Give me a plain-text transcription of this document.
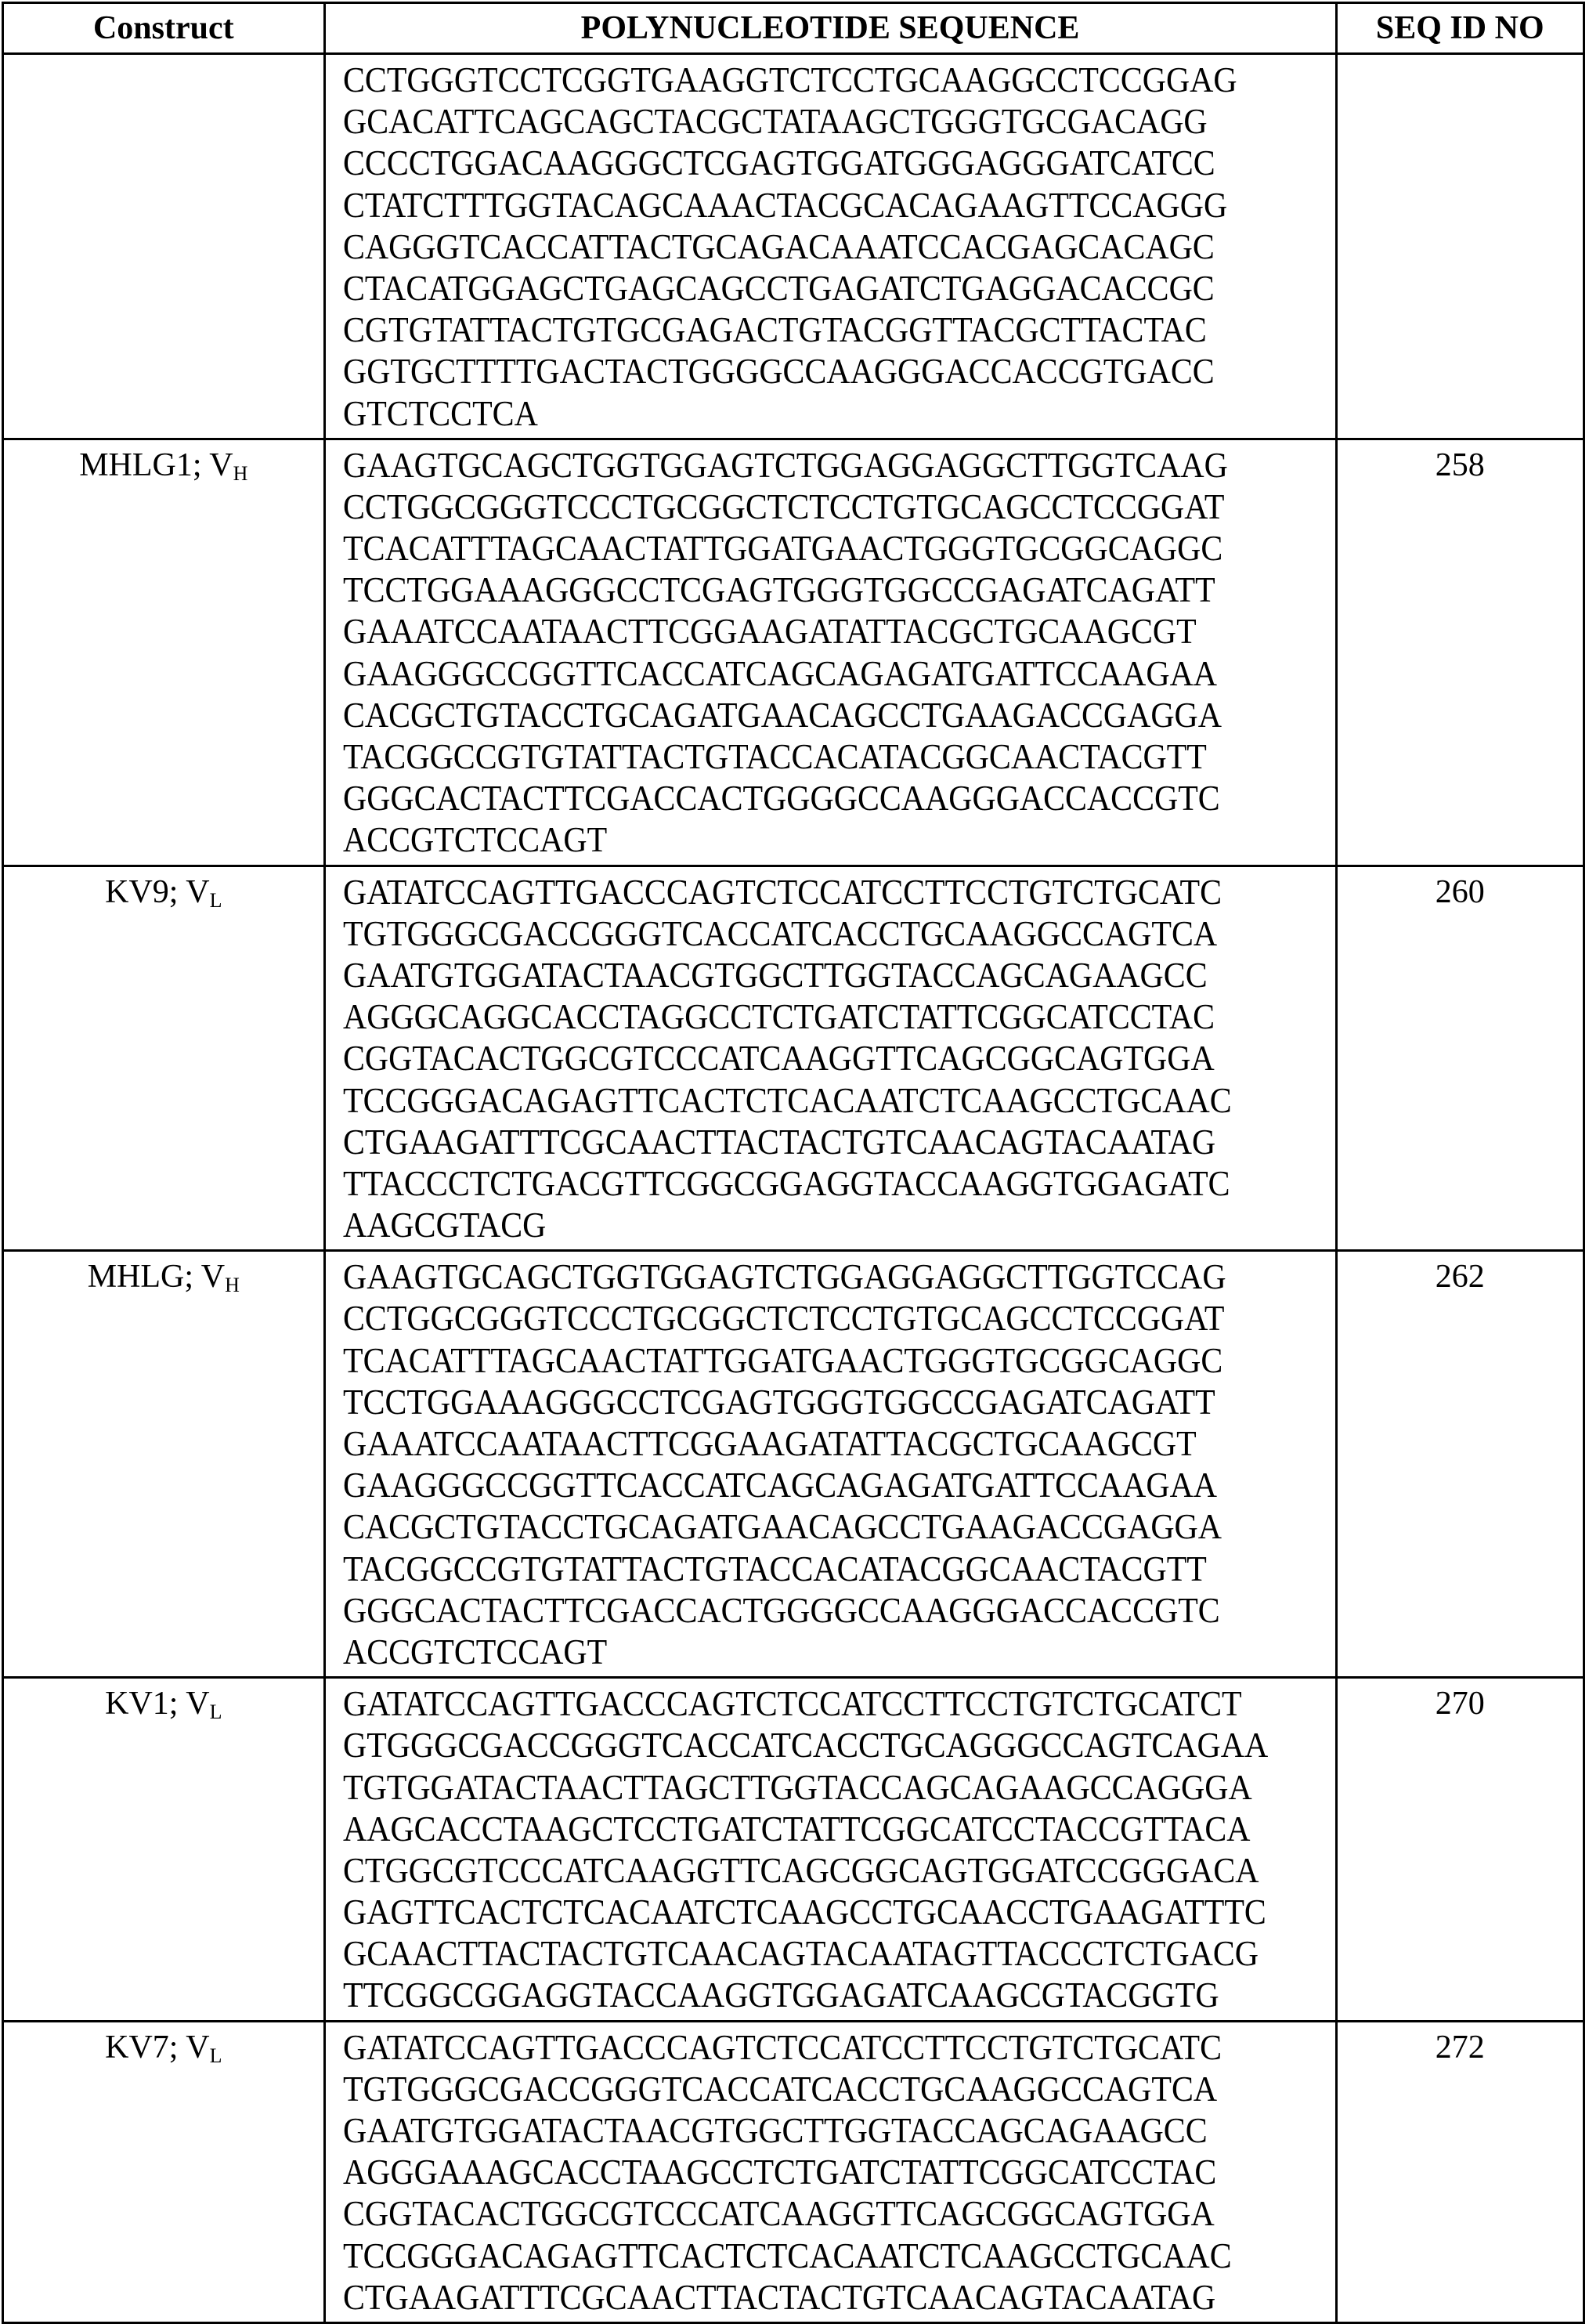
Construct	POLYNUCLEOTIDE SEQUENCE	SEQ ID NO

CCTGGGTCCTCGGTGAAGGTCTCCTGCAAGGCCTCCGGAG
GCACATTCAGCAGCTACGCTATAAGCTGGGTGCGACAGG
CCCCTGGACAAGGGCTCGAGTGGATGGGAGGGATCATCC
CTATCTTTGGTACAGCAAACTACGCACAGAAGTTCCAGGG
CAGGGTCACCATTACTGCAGACAAATCCACGAGCACAGC
CTACATGGAGCTGAGCAGCCTGAGATCTGAGGACACCGC
CGTGTATTACTGTGCGAGACTGTACGGTTACGCTTACTAC
GGTGCTTTTGACTACTGGGGCCAAGGGACCACCGTGACC
GTCTCCTCA

MHLG1; VH	GAAGTGCAGCTGGTGGAGTCTGGAGGAGGCTTGGTCAAG
CCTGGCGGGTCCCTGCGGCTCTCCTGTGCAGCCTCCGGAT
TCACATTTAGCAACTATTGGATGAACTGGGTGCGGCAGGC
TCCTGGAAAGGGCCTCGAGTGGGTGGCCGAGATCAGATT
GAAATCCAATAACTTCGGAAGATATTACGCTGCAAGCGT
GAAGGGCCGGTTCACCATCAGCAGAGATGATTCCAAGAA
CACGCTGTACCTGCAGATGAACAGCCTGAAGACCGAGGA
TACGGCCGTGTATTACTGTACCACATACGGCAACTACGTT
GGGCACTACTTCGACCACTGGGGCCAAGGGACCACCGTC
ACCGTCTCCAGT
	258
KV9; VL	GATATCCAGTTGACCCAGTCTCCATCCTTCCTGTCTGCATC
TGTGGGCGACCGGGTCACCATCACCTGCAAGGCCAGTCA
GAATGTGGATACTAACGTGGCTTGGTACCAGCAGAAGCC
AGGGCAGGCACCTAGGCCTCTGATCTATTCGGCATCCTAC
CGGTACACTGGCGTCCCATCAAGGTTCAGCGGCAGTGGA
TCCGGGACAGAGTTCACTCTCACAATCTCAAGCCTGCAAC
CTGAAGATTTCGCAACTTACTACTGTCAACAGTACAATAG
TTACCCTCTGACGTTCGGCGGAGGTACCAAGGTGGAGATC
AAGCGTACG
	260
MHLG; VH	GAAGTGCAGCTGGTGGAGTCTGGAGGAGGCTTGGTCCAG
CCTGGCGGGTCCCTGCGGCTCTCCTGTGCAGCCTCCGGAT
TCACATTTAGCAACTATTGGATGAACTGGGTGCGGCAGGC
TCCTGGAAAGGGCCTCGAGTGGGTGGCCGAGATCAGATT
GAAATCCAATAACTTCGGAAGATATTACGCTGCAAGCGT
GAAGGGCCGGTTCACCATCAGCAGAGATGATTCCAAGAA
CACGCTGTACCTGCAGATGAACAGCCTGAAGACCGAGGA
TACGGCCGTGTATTACTGTACCACATACGGCAACTACGTT
GGGCACTACTTCGACCACTGGGGCCAAGGGACCACCGTC
ACCGTCTCCAGT
	262
KV1; VL	GATATCCAGTTGACCCAGTCTCCATCCTTCCTGTCTGCATCT
GTGGGCGACCGGGTCACCATCACCTGCAGGGCCAGTCAGAA
TGTGGATACTAACTTAGCTTGGTACCAGCAGAAGCCAGGGA
AAGCACCTAAGCTCCTGATCTATTCGGCATCCTACCGTTACA
CTGGCGTCCCATCAAGGTTCAGCGGCAGTGGATCCGGGACA
GAGTTCACTCTCACAATCTCAAGCCTGCAACCTGAAGATTTC
GCAACTTACTACTGTCAACAGTACAATAGTTACCCTCTGACG
TTCGGCGGAGGTACCAAGGTGGAGATCAAGCGTACGGTG
	270
KV7; VL	GATATCCAGTTGACCCAGTCTCCATCCTTCCTGTCTGCATC
TGTGGGCGACCGGGTCACCATCACCTGCAAGGCCAGTCA
GAATGTGGATACTAACGTGGCTTGGTACCAGCAGAAGCC
AGGGAAAGCACCTAAGCCTCTGATCTATTCGGCATCCTAC
CGGTACACTGGCGTCCCATCAAGGTTCAGCGGCAGTGGA
TCCGGGACAGAGTTCACTCTCACAATCTCAAGCCTGCAAC
CTGAAGATTTCGCAACTTACTACTGTCAACAGTACAATAG
	272
